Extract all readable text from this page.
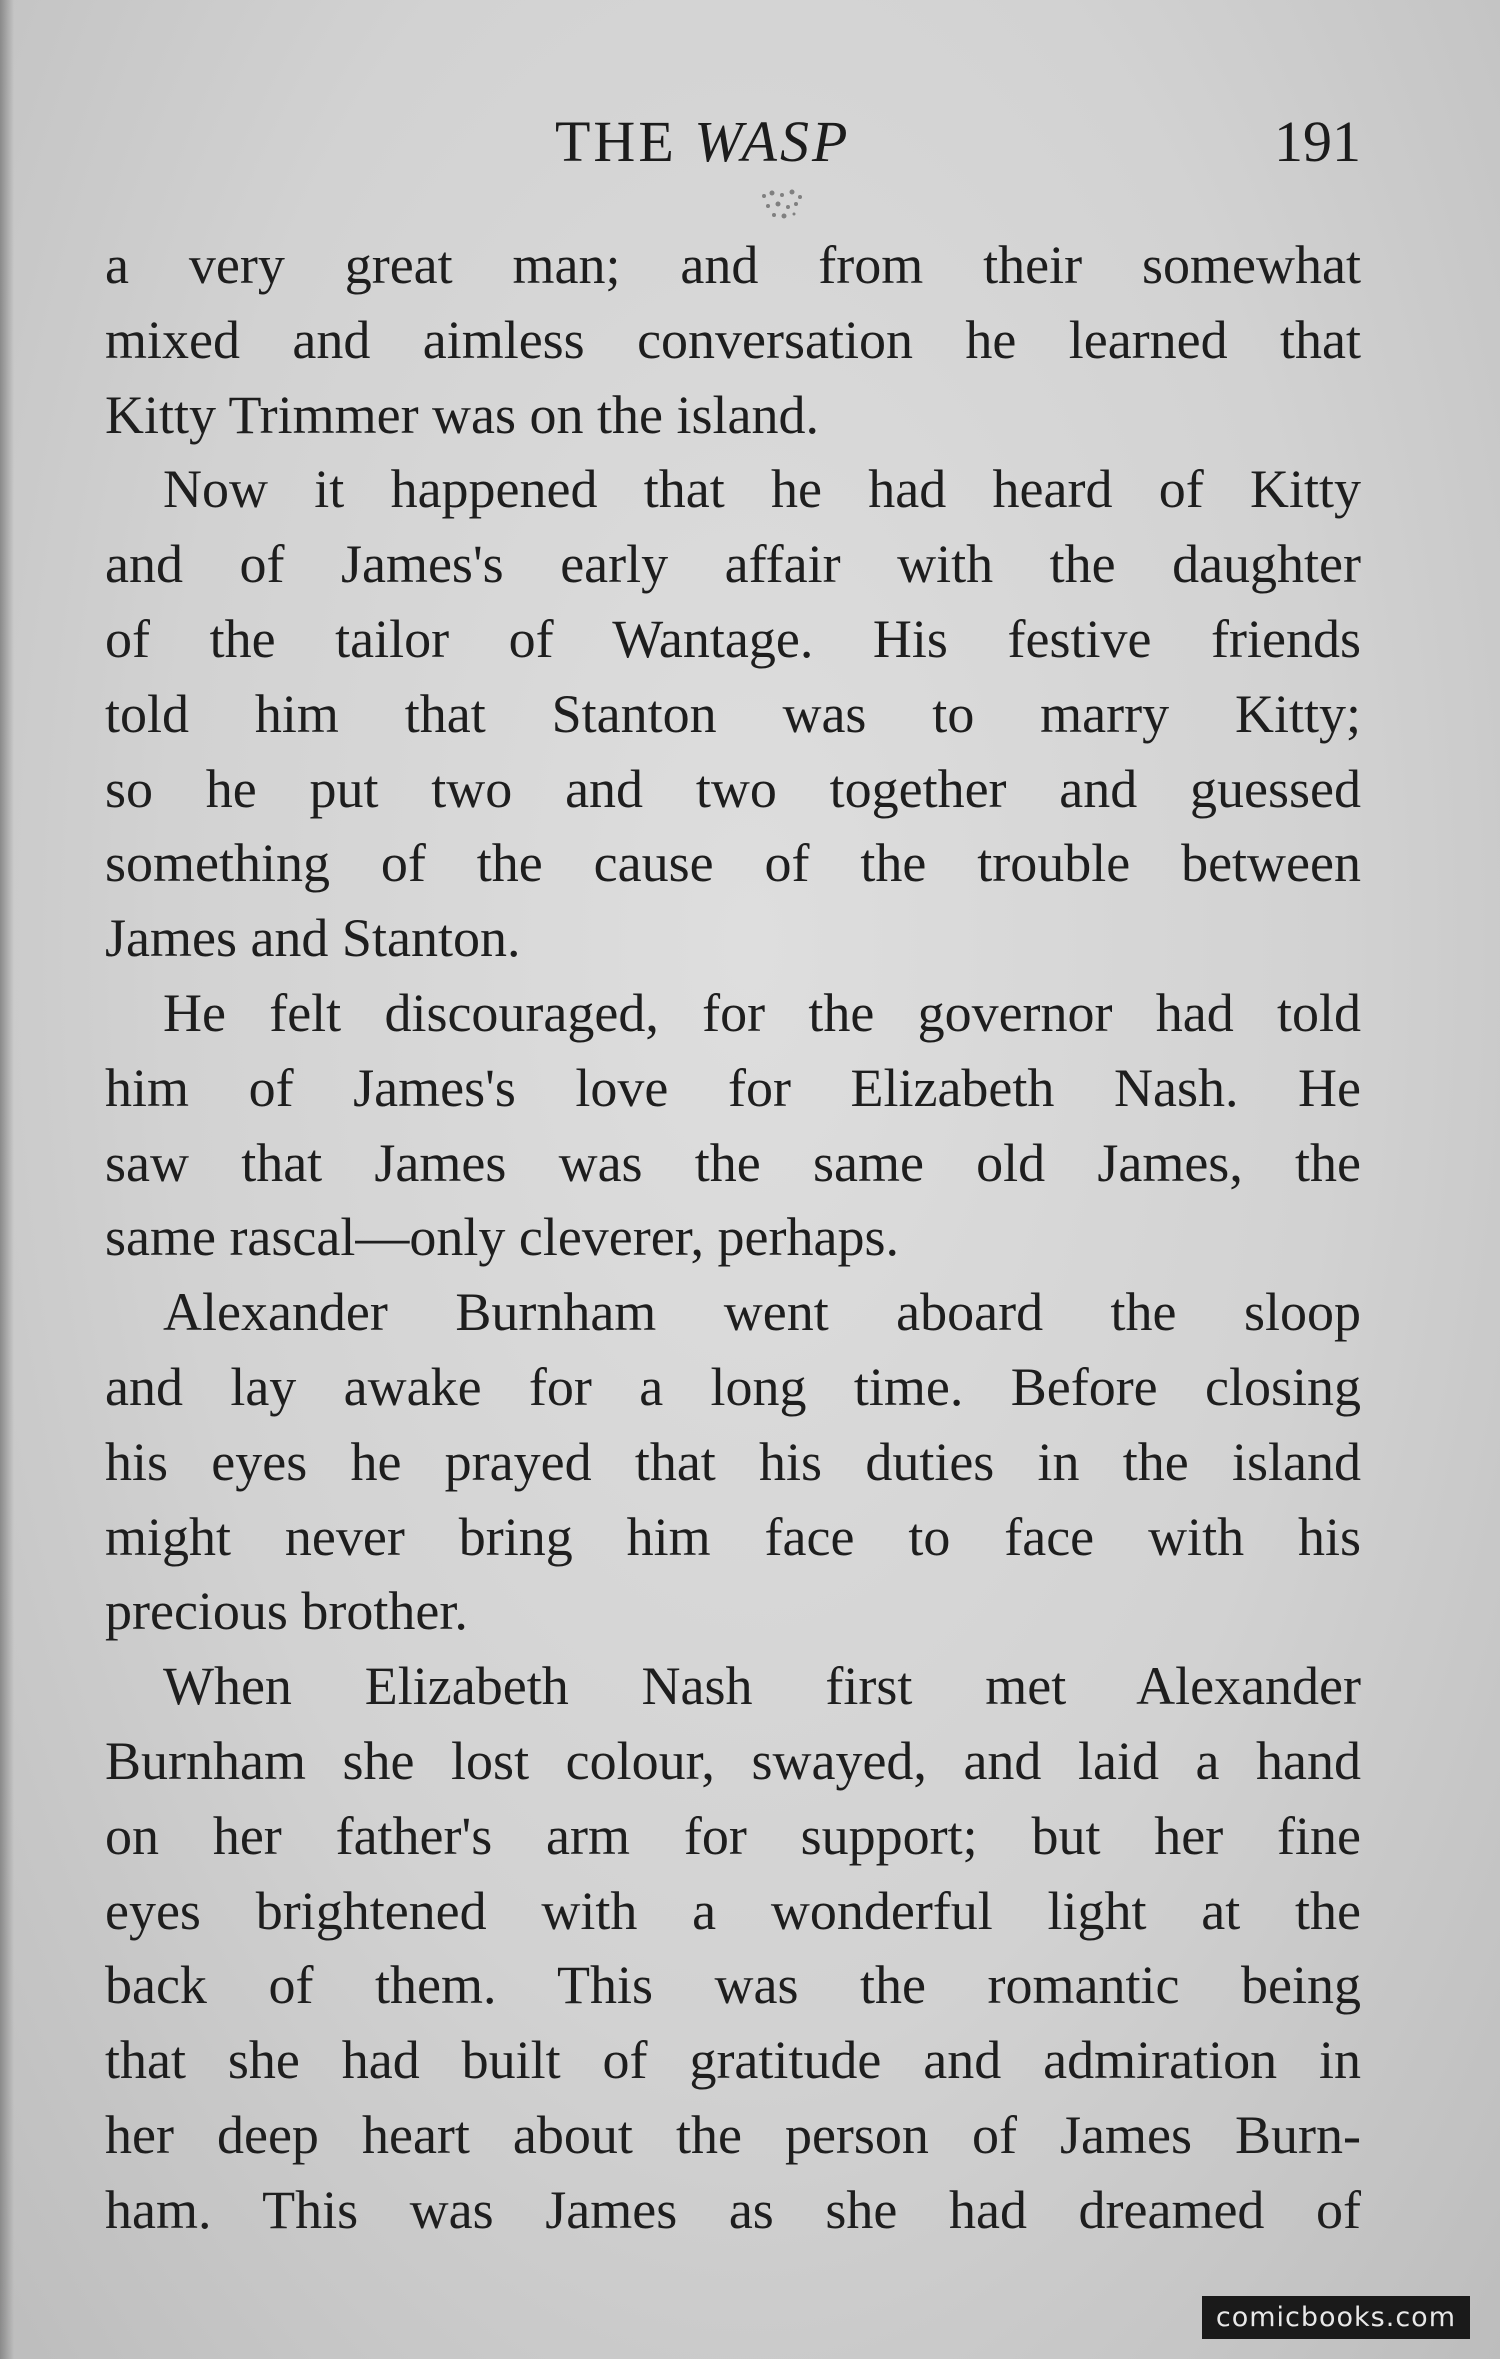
THE WASP	191
a very great man; and from their somewhat
mixed and aimless conversation he learned that
Kitty Trimmer was on the island.
Now it happened that he had heard of Kitty
and of James's early affair with the daughter
of the tailor of Wantage. His festive friends
told him that Stanton was to marry Kitty;
so he put two and two together and guessed
something of the cause of the trouble between
James and Stanton.
He felt discouraged, for the governor had told
him of James's love for Elizabeth Nash. He
saw that James was the same old James, the
same rascal—only cleverer, perhaps.
Alexander Burnham went aboard the sloop
and lay awake for a long time. Before closing
his eyes he prayed that his duties in the island
might never bring him face to face with his
precious brother.
When Elizabeth Nash first met Alexander
Burnham she lost colour, swayed, and laid a hand
on her father's arm for support; but her fine
eyes brightened with a wonderful light at the
back of them. This was the romantic being
that she had built of gratitude and admiration in
her deep heart about the person of James Burn-
ham. This was James as she had dreamed of
comicbooks.com
